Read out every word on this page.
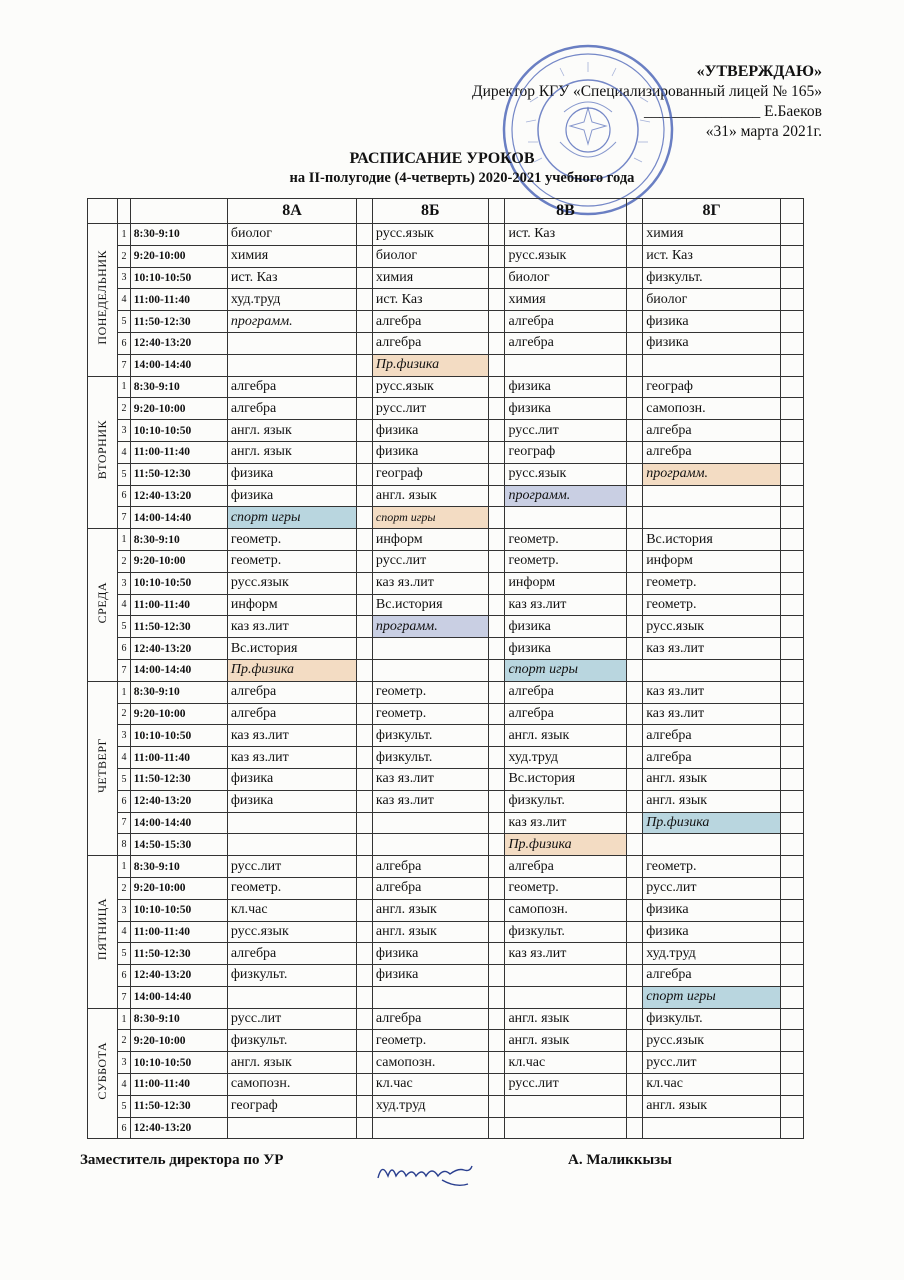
«УТВЕРЖДАЮ»
Директор КГУ «Специализированный лицей № 165»
_______________ Е.Баеков
«31» марта 2021г.
РАСПИСАНИЕ УРОКОВ
на II-полугодие (4-четверть) 2020-2021 учебного года
			8А		8Б		8В		8Г	
ПОНЕДЕЛЬНИК	1	8:30-9:10	биолог		русс.язык		ист. Каз		химия	
	2	9:20-10:00	химия		биолог		русс.язык		ист. Каз	
	3	10:10-10:50	ист. Каз		химия		биолог		физкульт.	
	4	11:00-11:40	худ.труд		ист. Каз		химия		биолог	
	5	11:50-12:30	программ.		алгебра		алгебра		физика	
	6	12:40-13:20			алгебра		алгебра		физика	
	7	14:00-14:40			Пр.физика					
ВТОРНИК	1	8:30-9:10	алгебра		русс.язык		физика		географ	
	2	9:20-10:00	алгебра		русс.лит		физика		самопозн.	
	3	10:10-10:50	англ. язык		физика		русс.лит		алгебра	
	4	11:00-11:40	англ. язык		физика		географ		алгебра	
	5	11:50-12:30	физика		географ		русс.язык		программ.	
	6	12:40-13:20	физика		англ. язык		программ.			
	7	14:00-14:40	спорт игры		спорт игры					
СРЕДА	1	8:30-9:10	геометр.		информ		геометр.		Вс.история	
	2	9:20-10:00	геометр.		русс.лит		геометр.		информ	
	3	10:10-10:50	русс.язык		каз яз.лит		информ		геометр.	
	4	11:00-11:40	информ		Вс.история		каз яз.лит		геометр.	
	5	11:50-12:30	каз яз.лит		программ.		физика		русс.язык	
	6	12:40-13:20	Вс.история				физика		каз яз.лит	
	7	14:00-14:40	Пр.физика				спорт игры			
ЧЕТВЕРГ	1	8:30-9:10	алгебра		геометр.		алгебра		каз яз.лит	
	2	9:20-10:00	алгебра		геометр.		алгебра		каз яз.лит	
	3	10:10-10:50	каз яз.лит		физкульт.		англ. язык		алгебра	
	4	11:00-11:40	каз яз.лит		физкульт.		худ.труд		алгебра	
	5	11:50-12:30	физика		каз яз.лит		Вс.история		англ. язык	
	6	12:40-13:20	физика		каз яз.лит		физкульт.		англ. язык	
	7	14:00-14:40					каз яз.лит		Пр.физика	
	8	14:50-15:30					Пр.физика			
ПЯТНИЦА	1	8:30-9:10	русс.лит		алгебра		алгебра		геометр.	
	2	9:20-10:00	геометр.		алгебра		геометр.		русс.лит	
	3	10:10-10:50	кл.час		англ. язык		самопозн.		физика	
	4	11:00-11:40	русс.язык		англ. язык		физкульт.		физика	
	5	11:50-12:30	алгебра		физика		каз яз.лит		худ.труд	
	6	12:40-13:20	физкульт.		физика				алгебра	
	7	14:00-14:40							спорт игры	
СУББОТА	1	8:30-9:10	русс.лит		алгебра		англ. язык		физкульт.	
	2	9:20-10:00	физкульт.		геометр.		англ. язык		русс.язык	
	3	10:10-10:50	англ. язык		самопозн.		кл.час		русс.лит	
	4	11:00-11:40	самопозн.		кл.час		русс.лит		кл.час	
	5	11:50-12:30	географ		худ.труд				англ. язык	
	6	12:40-13:20								
Заместитель директора по УР	А. Маликкызы
